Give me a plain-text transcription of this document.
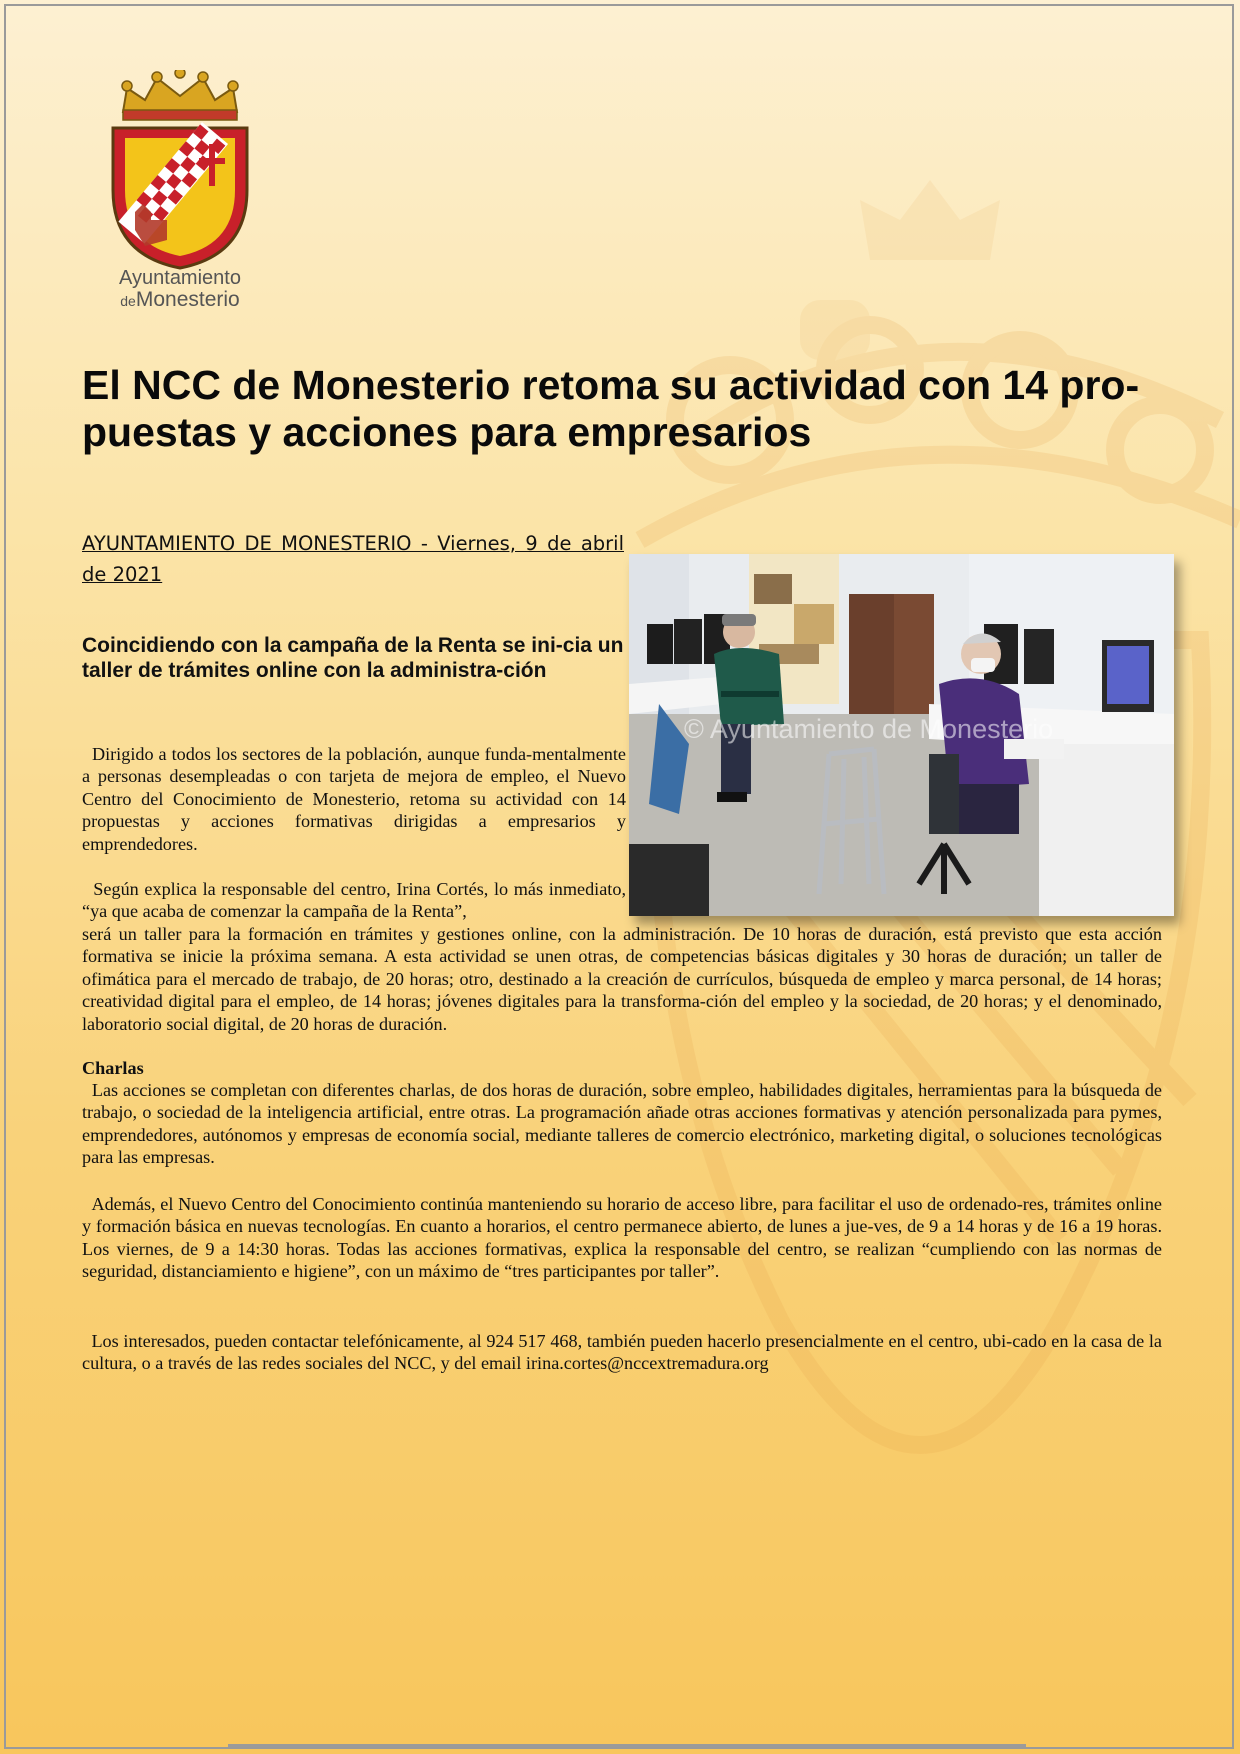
Ayuntamiento
deMonesterio
El NCC de Monesterio retoma su actividad con 14 pro-puestas y acciones para empresarios

AYUNTAMIENTO DE MONESTERIO - Viernes, 9 de abril de 2021

Coincidiendo con la campaña de la Renta se ini-cia un taller de trámites online con la administra-ción

© Ayuntamiento de Monesterio

Dirigido a todos los sectores de la población, aunque funda-mentalmente a personas desempleadas o con tarjeta de mejora de empleo, el Nuevo Centro del Conocimiento de Monesterio, retoma su actividad con 14 propuestas y acciones formativas dirigidas a empresarios y emprendedores.

Según explica la responsable del centro, Irina Cortés, lo más inmediato, “ya que acaba de comenzar la campaña de la Renta”,

será un taller para la formación en trámites y gestiones online, con la administración. De 10 horas de duración, está previsto que esta acción formativa se inicie la próxima semana. A esta actividad se unen otras, de competencias básicas digitales y 30 horas de duración; un taller de ofimática para el mercado de trabajo, de 20 horas; otro, destinado a la creación de currículos, búsqueda de empleo y marca personal, de 14 horas; creatividad digital para el empleo, de 14 horas; jóvenes digitales para la transforma-ción del empleo y la sociedad, de 20 horas; y el denominado, laboratorio social digital, de 20 horas de duración.

Charlas

Las acciones se completan con diferentes charlas, de dos horas de duración, sobre empleo, habilidades digitales, herramientas para la búsqueda de trabajo, o sociedad de la inteligencia artificial, entre otras. La programación añade otras acciones formativas y atención personalizada para pymes, emprendedores, autónomos y empresas de economía social, mediante talleres de comercio electrónico, marketing digital, o soluciones tecnológicas para las empresas.

Además, el Nuevo Centro del Conocimiento continúa manteniendo su horario de acceso libre, para facilitar el uso de ordenado-res, trámites online y formación básica en nuevas tecnologías. En cuanto a horarios, el centro permanece abierto, de lunes a jue-ves, de 9 a 14 horas y de 16 a 19 horas. Los viernes, de 9 a 14:30 horas. Todas las acciones formativas, explica la responsable del centro, se realizan “cumpliendo con las normas de seguridad, distanciamiento e higiene”, con un máximo de “tres participantes por taller”.

Los interesados, pueden contactar telefónicamente, al 924 517 468, también pueden hacerlo presencialmente en el centro, ubi-cado en la casa de la cultura, o a través de las redes sociales del NCC, y del email irina.cortes@nccextremadura.org
